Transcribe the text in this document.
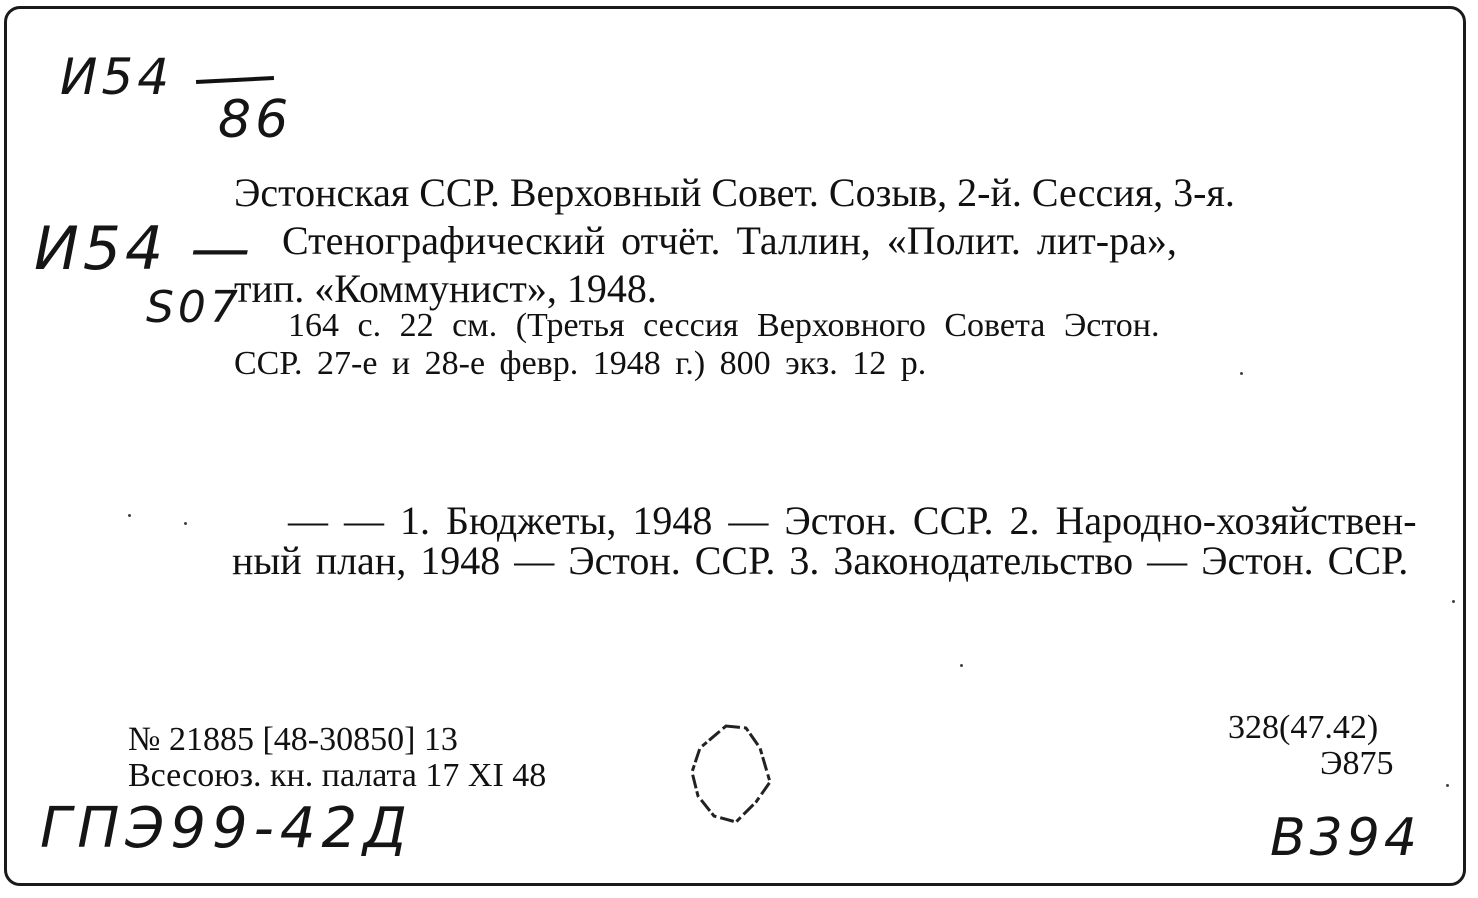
И54
86
И54 —
S07
Эстонская ССР. Верховный Совет. Созыв, 2-й. Сессия, 3-я.
Стенографический отчёт. Таллин, «Полит. лит-ра»,
тип. «Коммунист», 1948.
164 с. 22 см. (Третья сессия Верховного Совета Эстон.
ССР. 27-е и 28-е февр. 1948 г.) 800 экз. 12 р.
— — 1. Бюджеты, 1948 — Эстон. ССР. 2. Народно-хозяйствен-
ный план, 1948 — Эстон. ССР. 3. Законодательство — Эстон. ССР.
№ 21885 [48-30850] 13
Всесоюз. кн. палата 17 XI 48
328(47.42)
Э875
ГПЭ99-42Д	В394
